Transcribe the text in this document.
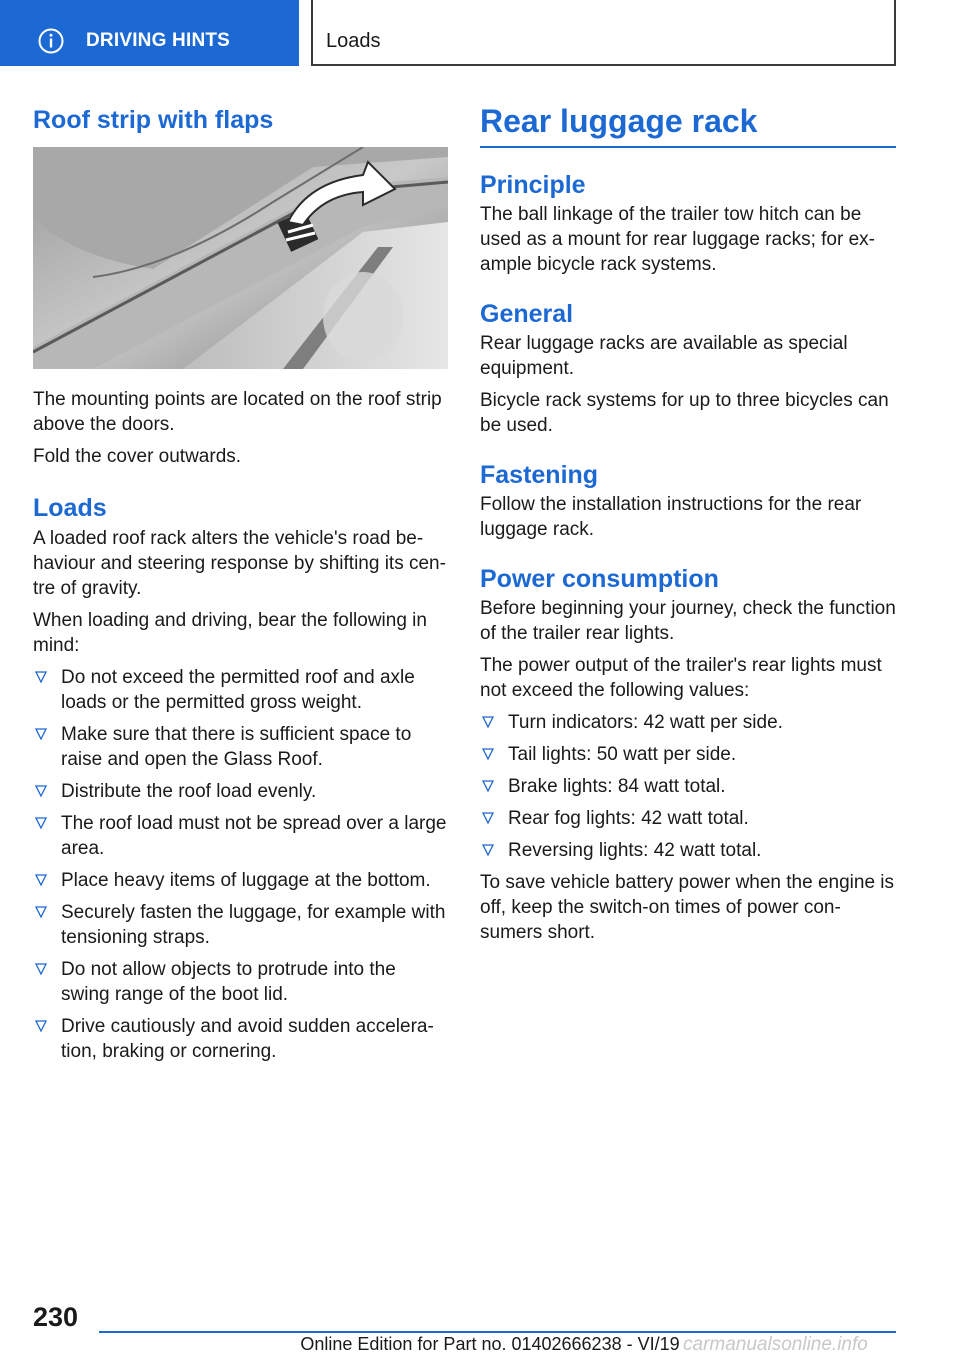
DRIVING HINTS	Loads
Roof strip with flaps

The mounting points are located on the roof strip above the doors.

Fold the cover outwards.

Loads

A loaded roof rack alters the vehicle's road behaviour and steering response by shifting its centre of gravity.

When loading and driving, bear the following in mind:

Do not exceed the permitted roof and axle loads or the permitted gross weight.
Make sure that there is sufficient space to raise and open the Glass Roof.
Distribute the roof load evenly.
The roof load must not be spread over a large area.
Place heavy items of luggage at the bottom.
Securely fasten the luggage, for example with tensioning straps.
Do not allow objects to protrude into the swing range of the boot lid.
Drive cautiously and avoid sudden acceleration, braking or cornering.
Rear luggage rack
Principle

The ball linkage of the trailer tow hitch can be used as a mount for rear luggage racks; for example bicycle rack systems.

General

Rear luggage racks are available as special equipment.

Bicycle rack systems for up to three bicycles can be used.

Fastening

Follow the installation instructions for the rear luggage rack.

Power consumption

Before beginning your journey, check the function of the trailer rear lights.

The power output of the trailer's rear lights must not exceed the following values:

Turn indicators: 42 watt per side.
Tail lights: 50 watt per side.
Brake lights: 84 watt total.
Rear fog lights: 42 watt total.
Reversing lights: 42 watt total.

To save vehicle battery power when the engine is off, keep the switch-on times of power consumers short.

230
Online Edition for Part no. 01402666238 - VI/19 carmanualsonline.info
